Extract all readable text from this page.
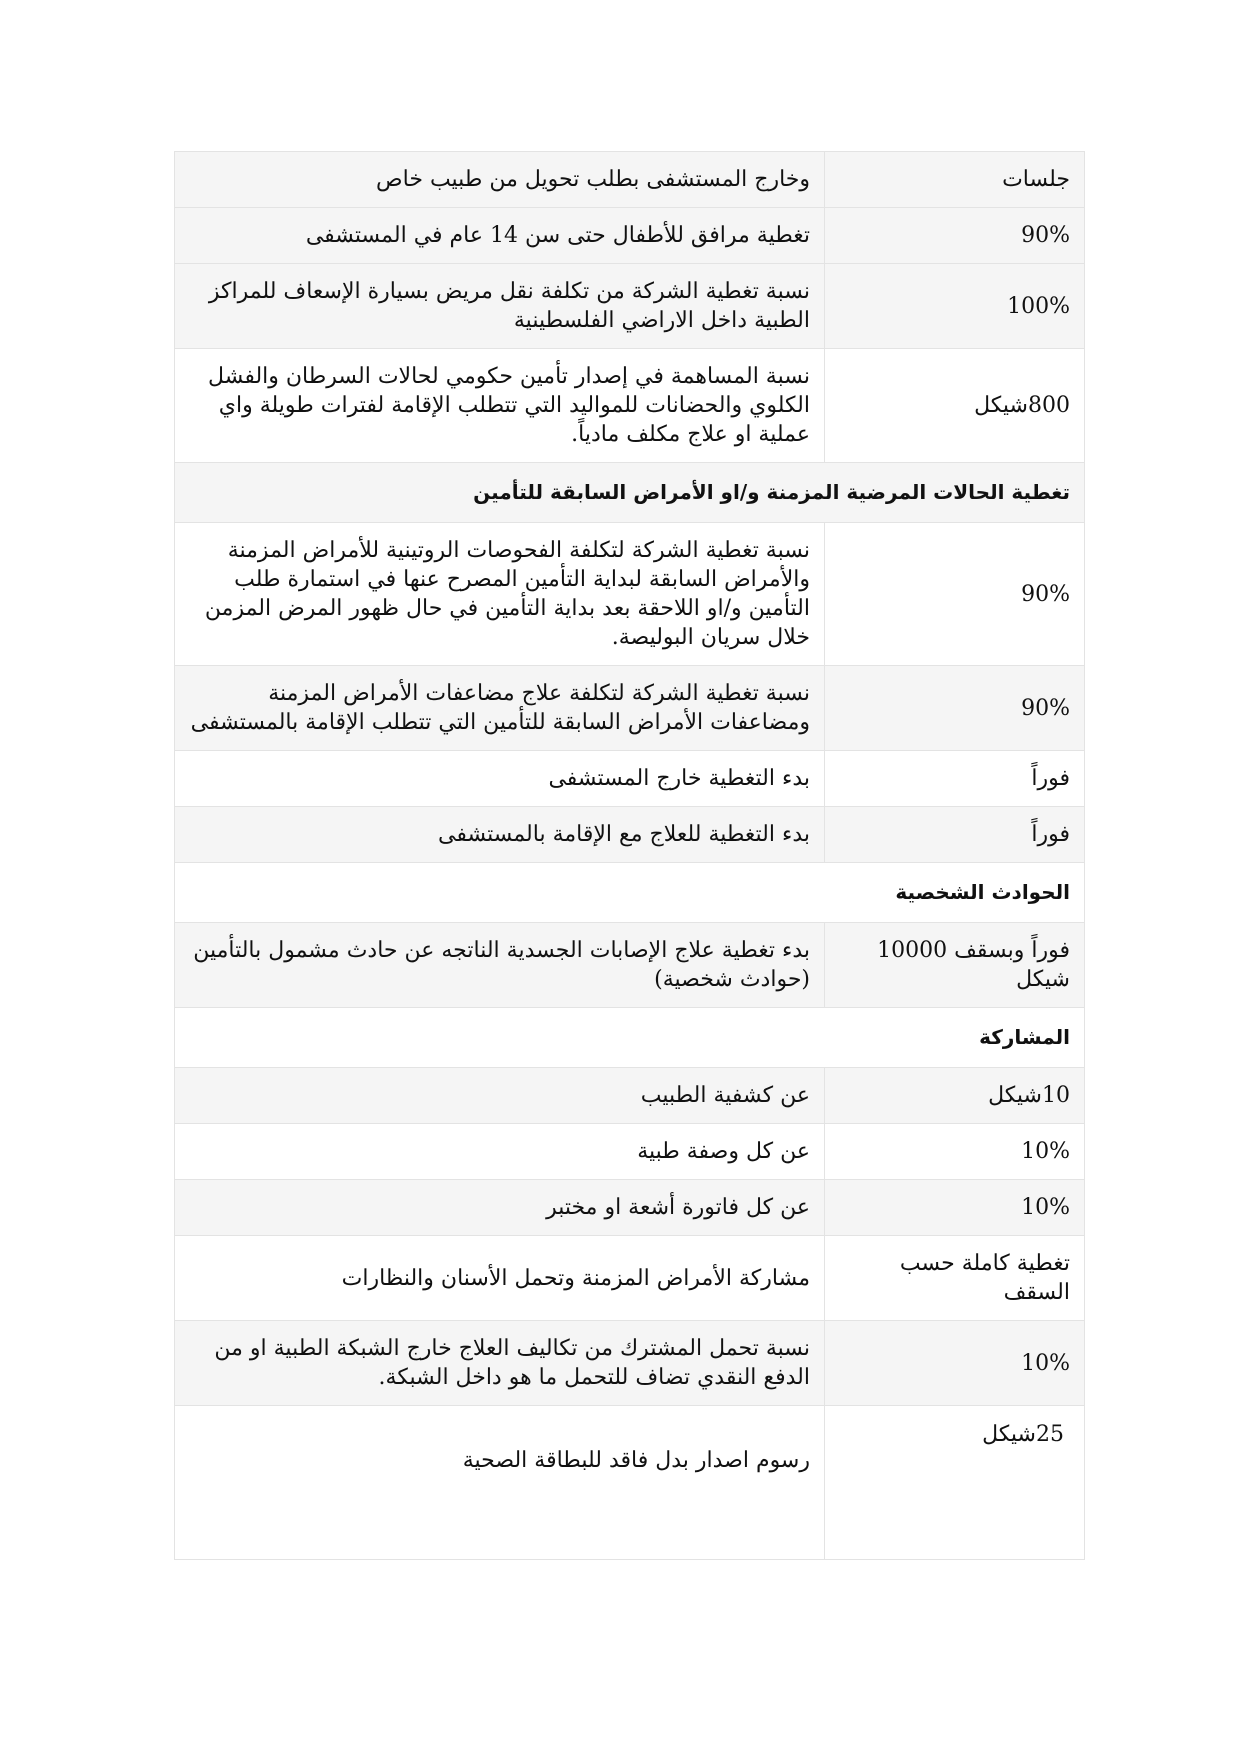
جلسات	وخارج المستشفى بطلب تحويل من طبيب خاص
90%	تغطية مرافق للأطفال حتى سن 14 عام في المستشفى
100%	نسبة تغطية الشركة من تكلفة نقل مريض بسيارة الإسعاف للمراكز الطبية داخل الاراضي الفلسطينية
800شيكل	نسبة المساهمة في إصدار تأمين حكومي لحالات السرطان والفشل الكلوي والحضانات للمواليد التي تتطلب الإقامة لفترات طويلة واي عملية او علاج مكلف مادياً.
تغطية الحالات المرضية المزمنة و/او الأمراض السابقة للتأمين	
90%	نسبة تغطية الشركة لتكلفة الفحوصات الروتينية للأمراض المزمنة والأمراض السابقة لبداية التأمين المصرح عنها في استمارة طلب التأمين و/او اللاحقة بعد بداية التأمين في حال ظهور المرض المزمن خلال سريان البوليصة.
90%	نسبة تغطية الشركة لتكلفة علاج مضاعفات الأمراض المزمنة ومضاعفات الأمراض السابقة للتأمين التي تتطلب الإقامة بالمستشفى
فوراً	بدء التغطية خارج المستشفى
فوراً	بدء التغطية للعلاج مع الإقامة بالمستشفى
الحوادث الشخصية	
فوراً وبسقف 10000 شيكل	بدء تغطية علاج الإصابات الجسدية الناتجه عن حادث مشمول بالتأمين (حوادث شخصية)
المشاركة	
10شيكل	عن كشفية الطبيب
10%	عن كل وصفة طبية
10%	عن كل فاتورة أشعة او مختبر
تغطية كاملة حسب السقف	مشاركة الأمراض المزمنة وتحمل الأسنان والنظارات
10%	نسبة تحمل المشترك من تكاليف العلاج خارج الشبكة الطبية او من الدفع النقدي تضاف للتحمل ما هو داخل الشبكة.
25شيكل	رسوم اصدار بدل فاقد للبطاقة الصحية
